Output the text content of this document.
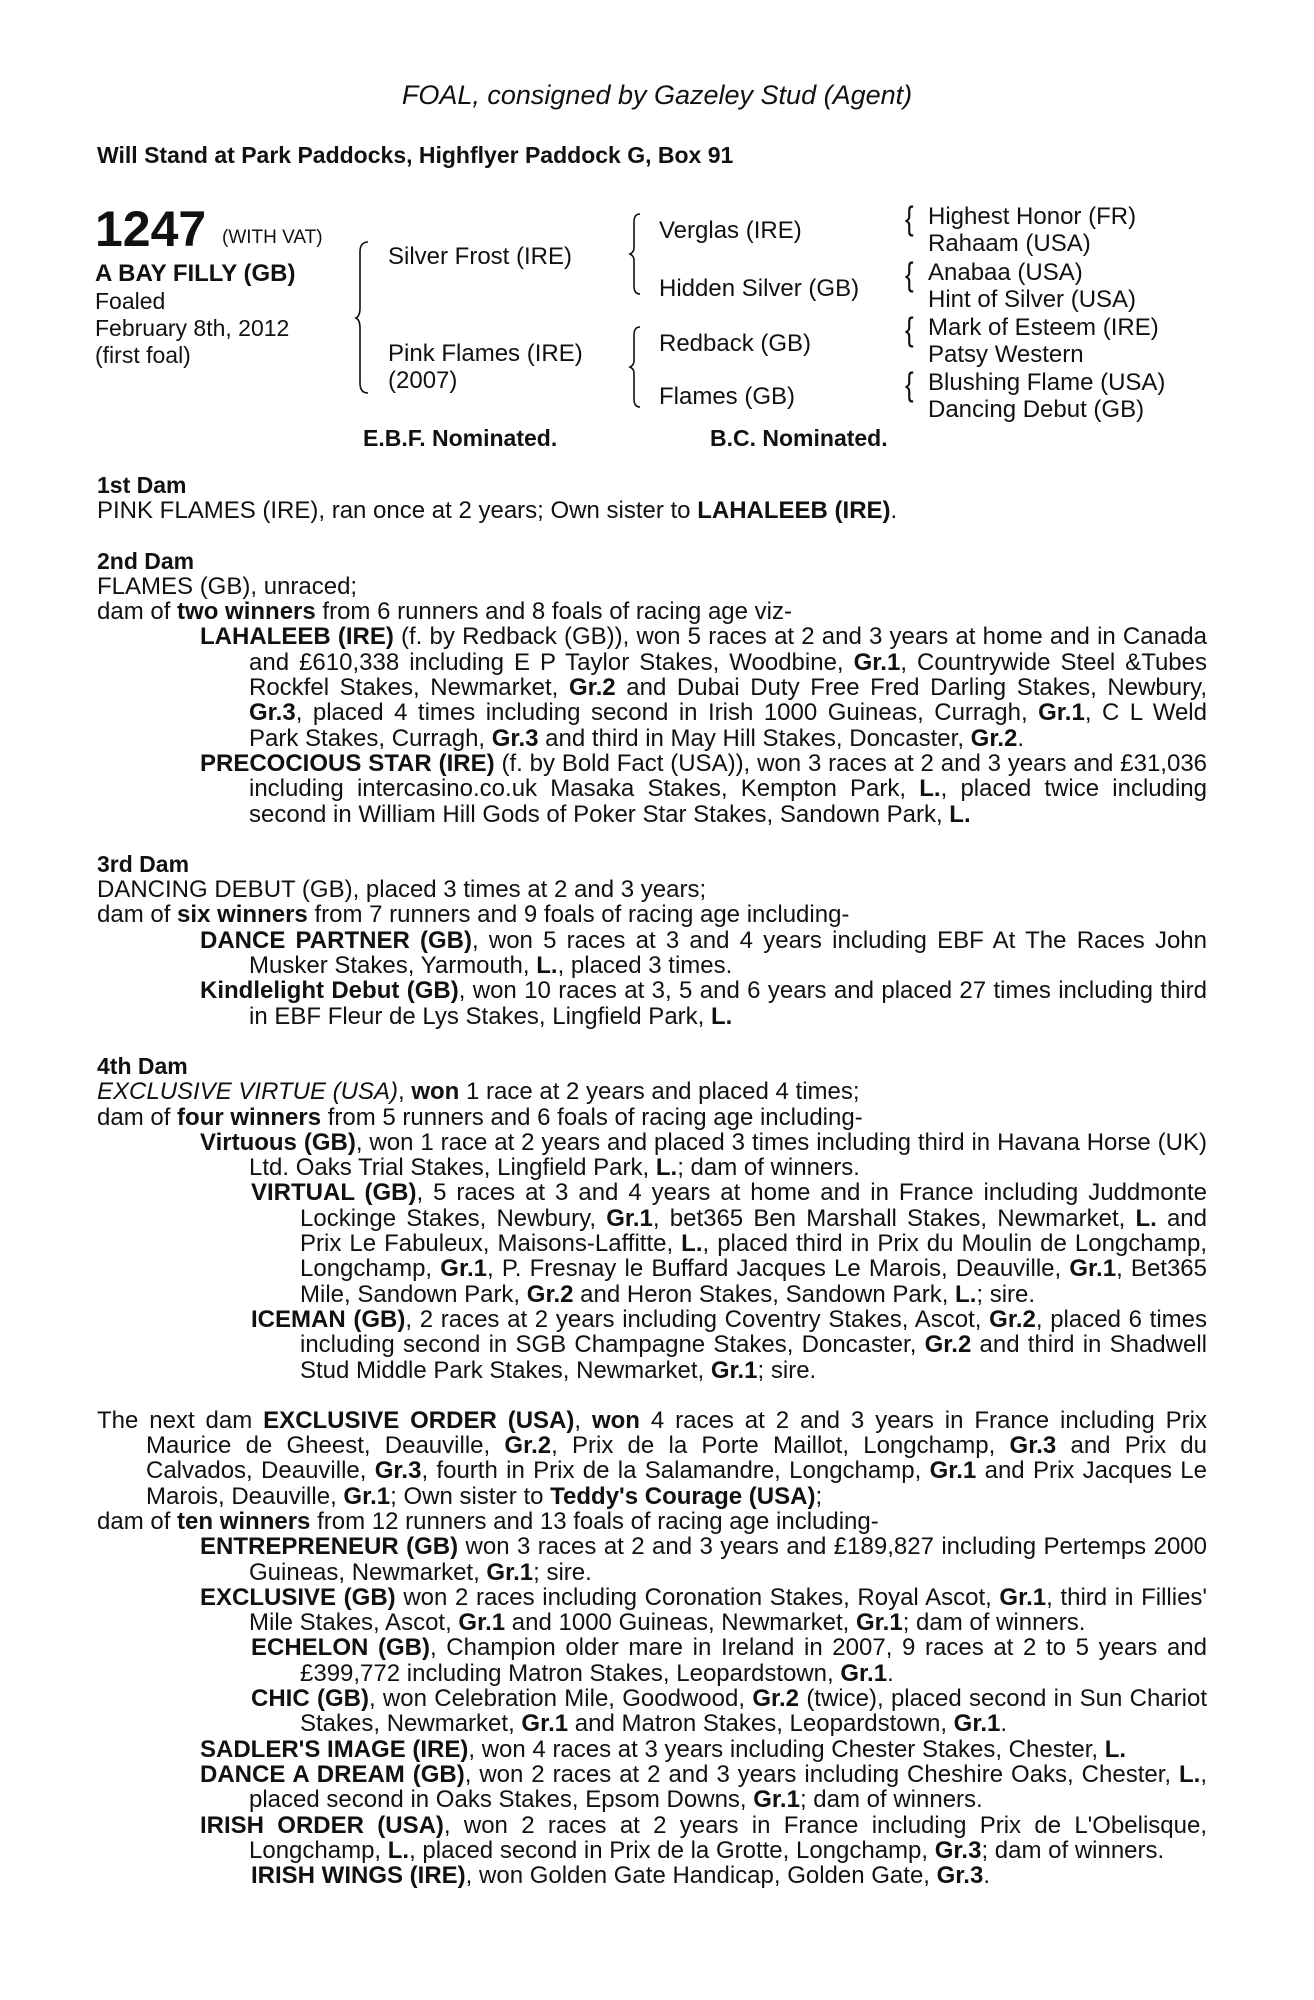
FOAL, consigned by Gazeley Stud (Agent)
Will Stand at Park Paddocks, Highflyer Paddock G, Box 91
1247 (WITH VAT)
A BAY FILLY (GB)
Foaled
February 8th, 2012
(first foal)
Silver Frost (IRE)
Pink Flames (IRE)
(2007)
Verglas (IRE)
Hidden Silver (GB)
Redback (GB)
Flames (GB)
{
{
{
{
Highest Honor (FR)
Rahaam (USA)
Anabaa (USA)
Hint of Silver (USA)
Mark of Esteem (IRE)
Patsy Western
Blushing Flame (USA)
Dancing Debut (GB)
E.B.F. Nominated.	B.C. Nominated.

1st Dam

PINK FLAMES (IRE), ran once at 2 years; Own sister to LAHALEEB (IRE).

2nd Dam

FLAMES (GB), unraced;

dam of two winners from 6 runners and 8 foals of racing age viz-

LAHALEEB (IRE) (f. by Redback (GB)), won 5 races at 2 and 3 years at home and in Canada and £610,338 including E P Taylor Stakes, Woodbine, Gr.1, Countrywide Steel &Tubes Rockfel Stakes, Newmarket, Gr.2 and Dubai Duty Free Fred Darling Stakes, Newbury, Gr.3, placed 4 times including second in Irish 1000 Guineas, Curragh, Gr.1, C L Weld Park Stakes, Curragh, Gr.3 and third in May Hill Stakes, Doncaster, Gr.2.

PRECOCIOUS STAR (IRE) (f. by Bold Fact (USA)), won 3 races at 2 and 3 years and £31,036 including intercasino.co.uk Masaka Stakes, Kempton Park, L., placed twice including second in William Hill Gods of Poker Star Stakes, Sandown Park, L.

3rd Dam

DANCING DEBUT (GB), placed 3 times at 2 and 3 years;

dam of six winners from 7 runners and 9 foals of racing age including-

DANCE PARTNER (GB), won 5 races at 3 and 4 years including EBF At The Races John Musker Stakes, Yarmouth, L., placed 3 times.

Kindlelight Debut (GB), won 10 races at 3, 5 and 6 years and placed 27 times including third in EBF Fleur de Lys Stakes, Lingfield Park, L.

4th Dam

EXCLUSIVE VIRTUE (USA), won 1 race at 2 years and placed 4 times;

dam of four winners from 5 runners and 6 foals of racing age including-

Virtuous (GB), won 1 race at 2 years and placed 3 times including third in Havana Horse (UK) Ltd. Oaks Trial Stakes, Lingfield Park, L.; dam of winners.

VIRTUAL (GB), 5 races at 3 and 4 years at home and in France including Juddmonte Lockinge Stakes, Newbury, Gr.1, bet365 Ben Marshall Stakes, Newmarket, L. and Prix Le Fabuleux, Maisons-Laffitte, L., placed third in Prix du Moulin de Longchamp, Longchamp, Gr.1, P. Fresnay le Buffard Jacques Le Marois, Deauville, Gr.1, Bet365 Mile, Sandown Park, Gr.2 and Heron Stakes, Sandown Park, L.; sire.

ICEMAN (GB), 2 races at 2 years including Coventry Stakes, Ascot, Gr.2, placed 6 times including second in SGB Champagne Stakes, Doncaster, Gr.2 and third in Shadwell Stud Middle Park Stakes, Newmarket, Gr.1; sire.

The next dam EXCLUSIVE ORDER (USA), won 4 races at 2 and 3 years in France including Prix Maurice de Gheest, Deauville, Gr.2, Prix de la Porte Maillot, Longchamp, Gr.3 and Prix du Calvados, Deauville, Gr.3, fourth in Prix de la Salamandre, Longchamp, Gr.1 and Prix Jacques Le Marois, Deauville, Gr.1; Own sister to Teddy's Courage (USA);

dam of ten winners from 12 runners and 13 foals of racing age including-

ENTREPRENEUR (GB) won 3 races at 2 and 3 years and £189,827 including Pertemps 2000 Guineas, Newmarket, Gr.1; sire.

EXCLUSIVE (GB) won 2 races including Coronation Stakes, Royal Ascot, Gr.1, third in Fillies' Mile Stakes, Ascot, Gr.1 and 1000 Guineas, Newmarket, Gr.1; dam of winners.

ECHELON (GB), Champion older mare in Ireland in 2007, 9 races at 2 to 5 years and £399,772 including Matron Stakes, Leopardstown, Gr.1.

CHIC (GB), won Celebration Mile, Goodwood, Gr.2 (twice), placed second in Sun Chariot Stakes, Newmarket, Gr.1 and Matron Stakes, Leopardstown, Gr.1.

SADLER'S IMAGE (IRE), won 4 races at 3 years including Chester Stakes, Chester, L.

DANCE A DREAM (GB), won 2 races at 2 and 3 years including Cheshire Oaks, Chester, L., placed second in Oaks Stakes, Epsom Downs, Gr.1; dam of winners.

IRISH ORDER (USA), won 2 races at 2 years in France including Prix de L'Obelisque, Longchamp, L., placed second in Prix de la Grotte, Longchamp, Gr.3; dam of winners.

IRISH WINGS (IRE), won Golden Gate Handicap, Golden Gate, Gr.3.
